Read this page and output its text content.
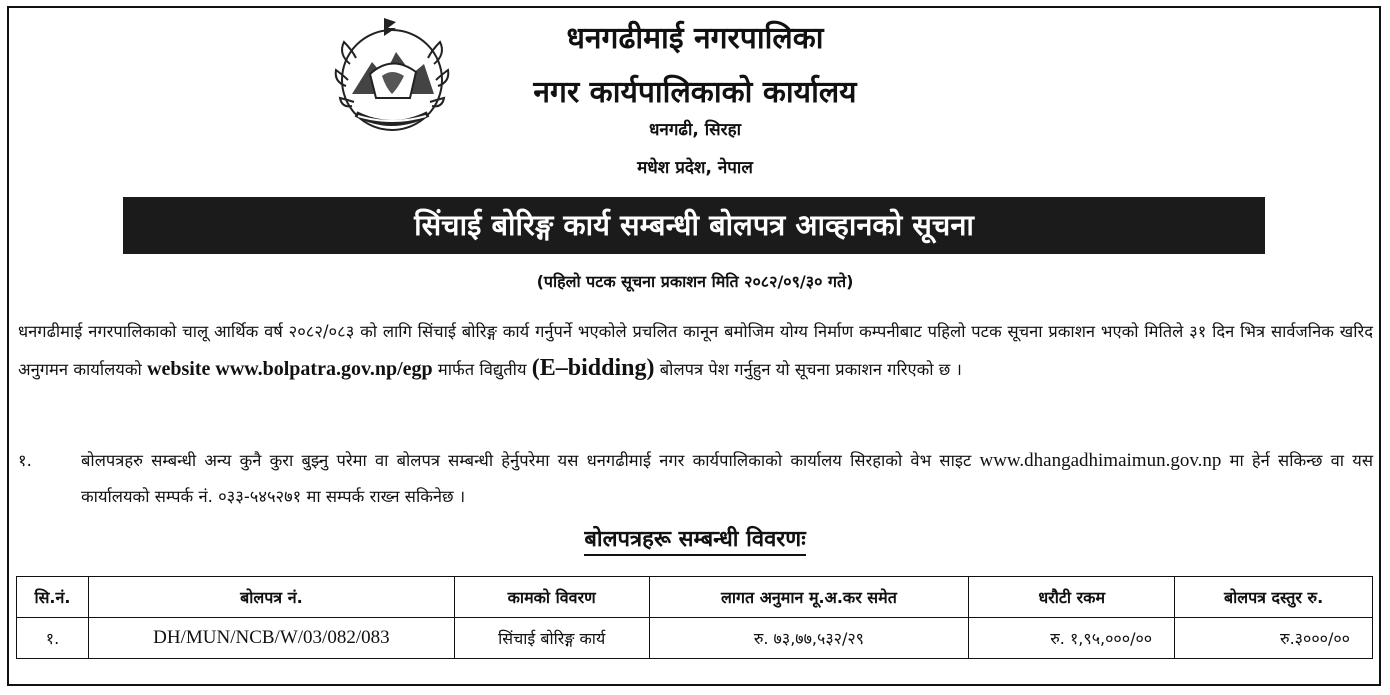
धनगढीमाई नगरपालिका
नगर कार्यपालिकाको कार्यालय
धनगढी, सिरहा
मधेश प्रदेश, नेपाल
सिंचाई बोरिङ्ग कार्य सम्बन्धी बोलपत्र आव्हानको सूचना
(पहिलो पटक सूचना प्रकाशन मिति २०८२/०९/३० गते)
धनगढीमाई नगरपालिकाको चालू आर्थिक वर्ष २०८२/०८३ को लागि सिंचाई बोरिङ्ग कार्य गर्नुपर्ने भएकोले प्रचलित कानून बमोजिम योग्य निर्माण कम्पनीबाट पहिलो पटक सूचना प्रकाशन भएको मितिले ३१ दिन भित्र सार्वजनिक खरिद अनुगमन कार्यालयको website www.bolpatra.gov.np/egp मार्फत विद्युतीय (E–bidding) बोलपत्र पेश गर्नुहुन यो सूचना प्रकाशन गरिएको छ ।
१.	बोलपत्रहरु सम्बन्धी अन्य कुनै कुरा बुझ्नु परेमा वा बोलपत्र सम्बन्धी हेर्नुपरेमा यस धनगढीमाई नगर कार्यपालिकाको कार्यालय सिरहाको वेभ साइट www.dhangadhimaimun.gov.np मा हेर्न सकिन्छ वा यस कार्यालयको सम्पर्क नं. ०३३-५४५२७१ मा सम्पर्क राख्न सकिनेछ ।
बोलपत्रहरू सम्बन्धी विवरणः
सि.नं.	बोलपत्र नं.	कामको विवरण	लागत अनुमान मू.अ.कर समेत	धरौटी रकम	बोलपत्र दस्तुर रु.
१.	DH/MUN/NCB/W/03/082/083	सिंचाई बोरिङ्ग कार्य	रु. ७३,७७,५३२/२९	रु. १,९५,०००/००	रु.३०००/००
